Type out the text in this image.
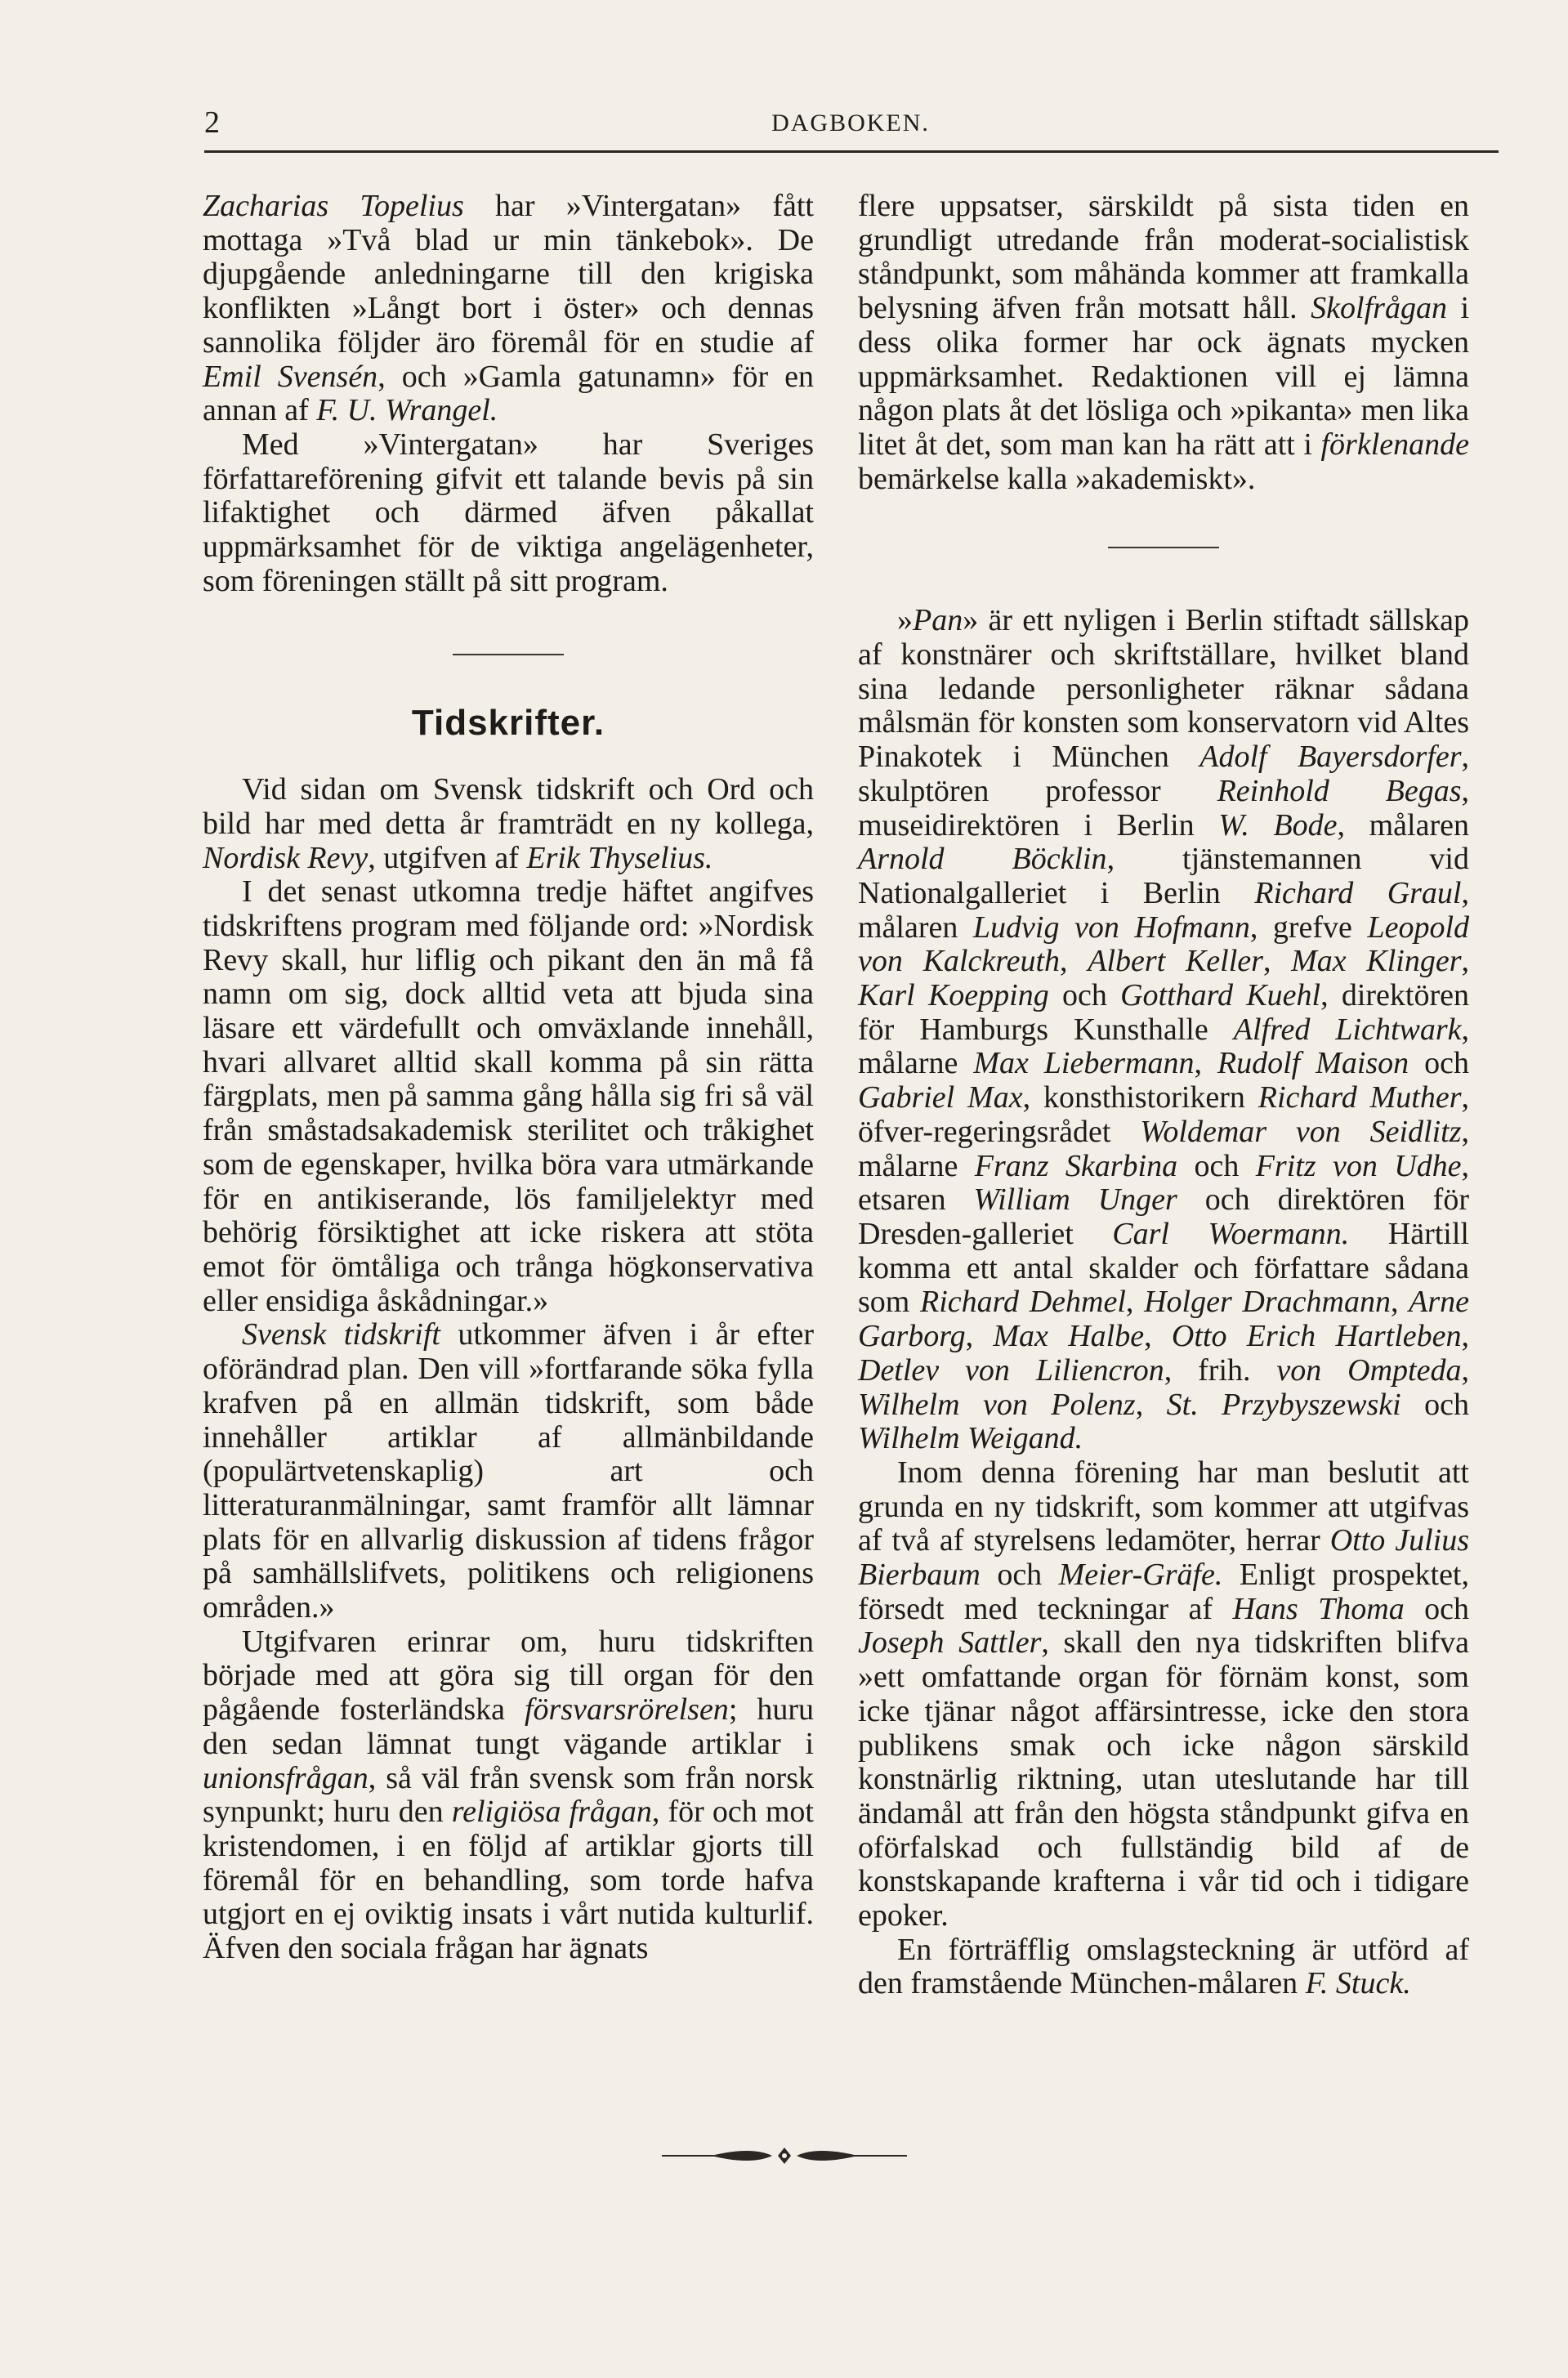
2	DAGBOKEN.

Zacharias Topelius har »Vintergatan» fått mottaga »Två blad ur min tänkebok». De djupgående anledningarne till den krigiska konflikten »Långt bort i öster» och dennas sannolika följder äro föremål för en studie af Emil Svensén, och »Gamla gatunamn» för en annan af F. U. Wrangel.

Med »Vintergatan» har Sveriges författareförening gifvit ett talande bevis på sin lifaktighet och därmed äfven påkallat uppmärksamhet för de viktiga angelägenheter, som föreningen ställt på sitt program.

Tidskrifter.

Vid sidan om Svensk tidskrift och Ord och bild har med detta år framträdt en ny kollega, Nordisk Revy, utgifven af Erik Thyselius.

I det senast utkomna tredje häftet angifves tidskriftens program med följande ord: »Nordisk Revy skall, hur liflig och pikant den än må få namn om sig, dock alltid veta att bjuda sina läsare ett värdefullt och omväxlande innehåll, hvari allvaret alltid skall komma på sin rätta färgplats, men på samma gång hålla sig fri så väl från småstadsakademisk sterilitet och tråkighet som de egenskaper, hvilka böra vara utmärkande för en antikiserande, lös familjelektyr med behörig försiktighet att icke riskera att stöta emot för ömtåliga och trånga högkonservativa eller ensidiga åskådningar.»

Svensk tidskrift utkommer äfven i år efter oförändrad plan. Den vill »fortfarande söka fylla krafven på en allmän tidskrift, som både innehåller artiklar af allmänbildande (populärtvetenskaplig) art och litteraturanmälningar, samt framför allt lämnar plats för en allvarlig diskussion af tidens frågor på samhällslifvets, politikens och religionens områden.»

Utgifvaren erinrar om, huru tidskriften började med att göra sig till organ för den pågående fosterländska försvarsrörelsen; huru den sedan lämnat tungt vägande artiklar i unionsfrågan, så väl från svensk som från norsk synpunkt; huru den religiösa frågan, för och mot kristendomen, i en följd af artiklar gjorts till föremål för en behandling, som torde hafva utgjort en ej oviktig insats i vårt nutida kulturlif. Äfven den sociala frågan har ägnats

flere uppsatser, särskildt på sista tiden en grundligt utredande från moderat-socialistisk ståndpunkt, som måhända kommer att framkalla belysning äfven från motsatt håll. Skolfrågan i dess olika former har ock ägnats mycken uppmärksamhet. Redaktionen vill ej lämna någon plats åt det lösliga och »pikanta» men lika litet åt det, som man kan ha rätt att i förklenande bemärkelse kalla »akademiskt».

»Pan» är ett nyligen i Berlin stiftadt sällskap af konstnärer och skriftställare, hvilket bland sina ledande personligheter räknar sådana målsmän för konsten som konservatorn vid Altes Pinakotek i München Adolf Bayersdorfer, skulptören professor Reinhold Begas, museidirektören i Berlin W. Bode, målaren Arnold Böcklin, tjänstemannen vid Nationalgalleriet i Berlin Richard Graul, målaren Ludvig von Hofmann, grefve Leopold von Kalckreuth, Albert Keller, Max Klinger, Karl Koepping och Gotthard Kuehl, direktören för Hamburgs Kunsthalle Alfred Lichtwark, målarne Max Liebermann, Rudolf Maison och Gabriel Max, konsthistorikern Richard Muther, öfver-regeringsrådet Woldemar von Seidlitz, målarne Franz Skarbina och Fritz von Udhe, etsaren William Unger och direktören för Dresden-galleriet Carl Woermann. Härtill komma ett antal skalder och författare sådana som Richard Dehmel, Holger Drachmann, Arne Garborg, Max Halbe, Otto Erich Hartleben, Detlev von Liliencron, frih. von Ompteda, Wilhelm von Polenz, St. Przybyszewski och Wilhelm Weigand.

Inom denna förening har man beslutit att grunda en ny tidskrift, som kommer att utgifvas af två af styrelsens ledamöter, herrar Otto Julius Bierbaum och Meier-Gräfe. Enligt prospektet, försedt med teckningar af Hans Thoma och Joseph Sattler, skall den nya tidskriften blifva »ett omfattande organ för förnäm konst, som icke tjänar något affärsintresse, icke den stora publikens smak och icke någon särskild konstnärlig riktning, utan uteslutande har till ändamål att från den högsta ståndpunkt gifva en oförfalskad och fullständig bild af de konstskapande krafterna i vår tid och i tidigare epoker.

En förträfflig omslagsteckning är utförd af den framstående München-målaren F. Stuck.
